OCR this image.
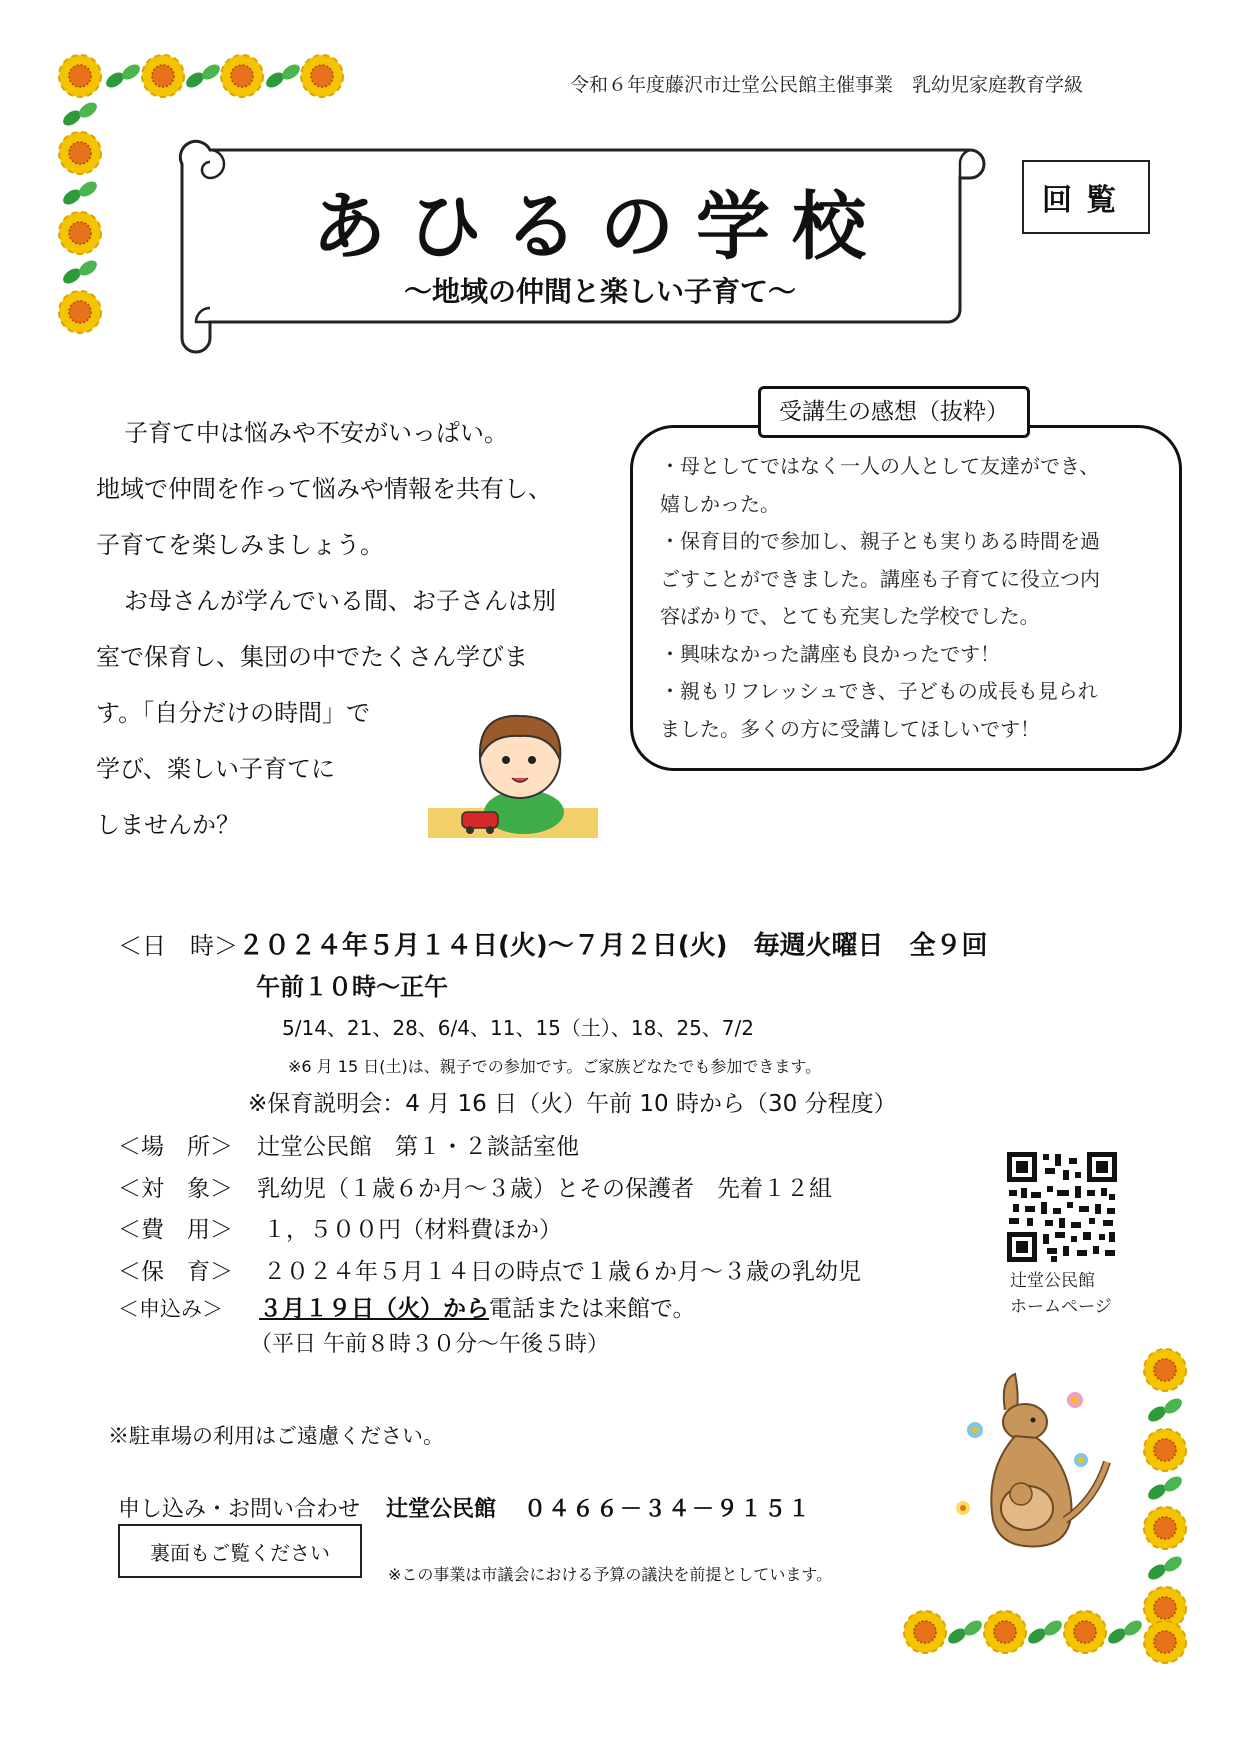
令和６年度藤沢市辻堂公民館主催事業　乳幼児家庭教育学級
あひるの学校
～地域の仲間と楽しい子育て～
回覧

子育て中は悩みや不安がいっぱい。

地域で仲間を作って悩みや情報を共有し、

子育てを楽しみましょう。

お母さんが学んでいる間、お子さんは別

室で保育し、集団の中でたくさん学びま

す。「自分だけの時間」で

学び、楽しい子育てに

しませんか？

受講生の感想（抜粋）

・母としてではなく一人の人として友達ができ、

嬉しかった。

・保育目的で参加し、親子とも実りある時間を過

ごすことができました。講座も子育てに役立つ内

容ばかりで、とても充実した学校でした。

・興味なかった講座も良かったです！

・親もリフレッシュでき、子どもの成長も見られ

ました。多くの方に受講してほしいです！

＜日　時＞２０２４年５月１４日(火)～７月２日(火)　毎週火曜日　全９回
午前１０時～正午
5/14、21、28、6/4、11、15（土）、18、25、7/2
※6 月 15 日(土)は、親子での参加です。ご家族どなたでも参加できます。
※保育説明会：4 月 16 日（火）午前 10 時から（30 分程度）
＜場　所＞ 辻堂公民館　第１・２談話室他
＜対　象＞ 乳幼児（１歳６か月～３歳）とその保護者　先着１２組
＜費　用＞ １，５００円（材料費ほか）
＜保　育＞ ２０２４年５月１４日の時点で１歳６か月～３歳の乳幼児
＜申込み＞ ３月１９日（火）から電話または来館で。
（平日 午前８時３０分～午後５時）
辻堂公民館
ホームページ
※駐車場の利用はご遠慮ください。
申し込み・お問い合わせ 辻堂公民館 ０４６６－３４－９１５１
裏面もご覧ください
※この事業は市議会における予算の議決を前提としています。
